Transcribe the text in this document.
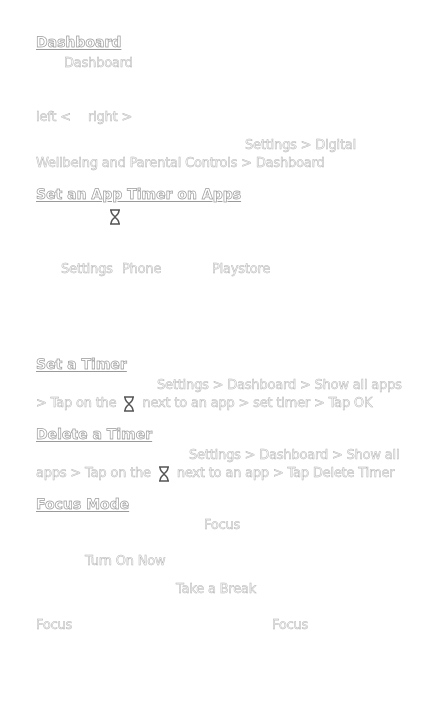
Dashboard
Dashboard
left < right >
Settings > Digital
Wellbeing and Parental Controls > Dashboard
Set an App Timer on Apps
Settings Phone	Playstore
Set a Timer
Settings > Dashboard > Show all apps
> Tap on the next to an app > set timer > Tap OK
Delete a Timer
Settings > Dashboard > Show all
apps > Tap on the next to an app > Tap Delete Timer
Focus Mode
Focus
Turn On Now
Take a Break
Focus	Focus
